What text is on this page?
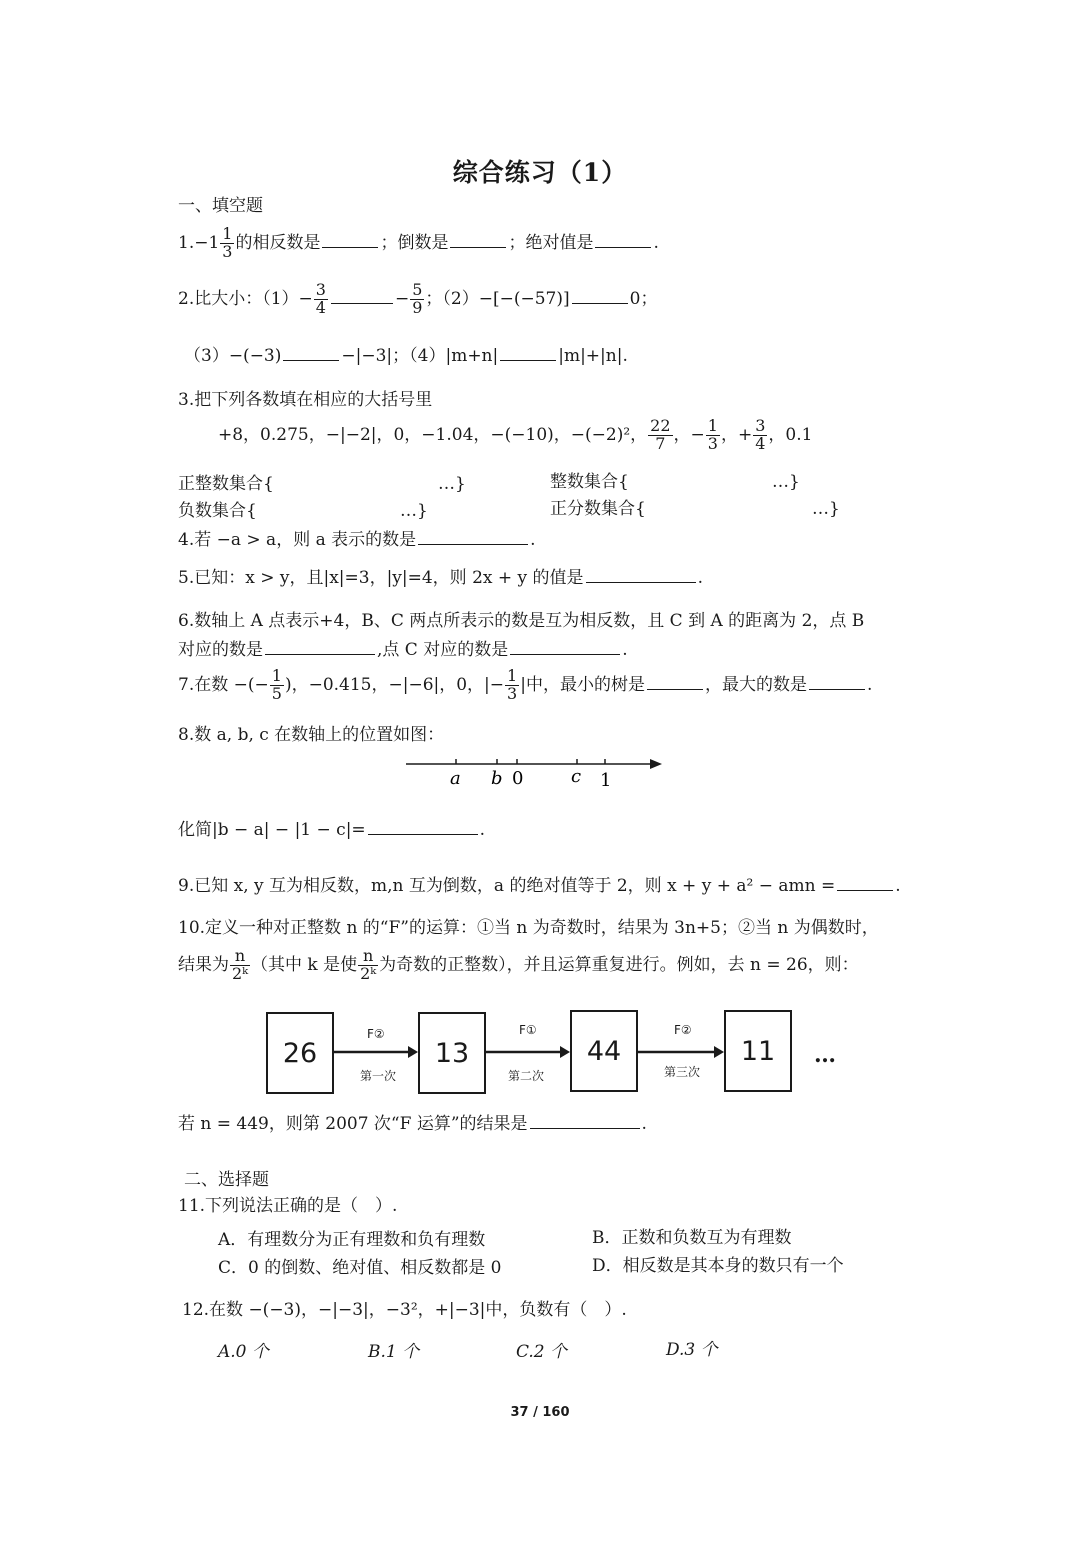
综合练习（1）
一、填空题
$1.-1 \frac{1}{3}$ 的相反数是	；倒数是	；绝对值是	.
2.比大小：$(1)- \frac{3}{4}$	− $\frac{5}{9}$ ；（2）−[−(−57)]	0；
（3）−(−3)	−|−3|；（4）|m+n|	|m|+|n|.
3.把下列各数填在相应的大括号里
+8，0.275，−|−2|，0，−1.04，−(−10)，−(−2)²， $\frac{22}{7}$ ，− $\frac{1}{3}$ ，+ $\frac{3}{4}$ ，0.1
正整数集合{	…}	整数集合{	…}
负数集合{	…}	正分数集合{	…}
4.若 −a > a，则 a 表示的数是	.
5.已知：x > y，且|x|=3，|y|=4，则 2x + y 的值是	.
6.数轴上 A 点表示+4，B、C 两点所表示的数是互为相反数，且 C 到 A 的距离为 2，点 B
对应的数是	,点 C 对应的数是	.
7.在数 −(− $\frac{1}{5}$ )，−0.415，−|−6|，0，|− $\frac{1}{3}$ |中，最小的树是	，最大的数是	.
8.数 a, b, c 在数轴上的位置如图：
a b 0	c 1
化简|b − a| − |1 − c|=	.
9.已知 x, y 互为相反数，m,n 互为倒数，a 的绝对值等于 2，则 x + y + a² − amn =	.
10.定义一种对正整数 n 的“F”的运算：①当 n 为奇数时，结果为 3n+5；②当 n 为偶数时，
结果为 $\frac{n}{\text{2ᵏ}}$ （其中 k 是使 $\frac{n}{\text{2ᵏ}}$ 为奇数的正整数），并且运算重复进行。例如，去 n = 26，则：
26	13	44	11
F②	F①	F②
第一次	第二次	第三次
…
若 n = 449，则第 2007 次“F 运算”的结果是	.
二、选择题
11.下列说法正确的是（　）.
A．有理数分为正有理数和负有理数	B．正数和负数互为有理数
C．0 的倒数、绝对值、相反数都是 0	D．相反数是其本身的数只有一个
12.在数 −(−3)，−|−3|，−3²，+|−3|中，负数有（　）.
A.0 个	B.1 个	C.2 个	D.3 个
37 / 160
